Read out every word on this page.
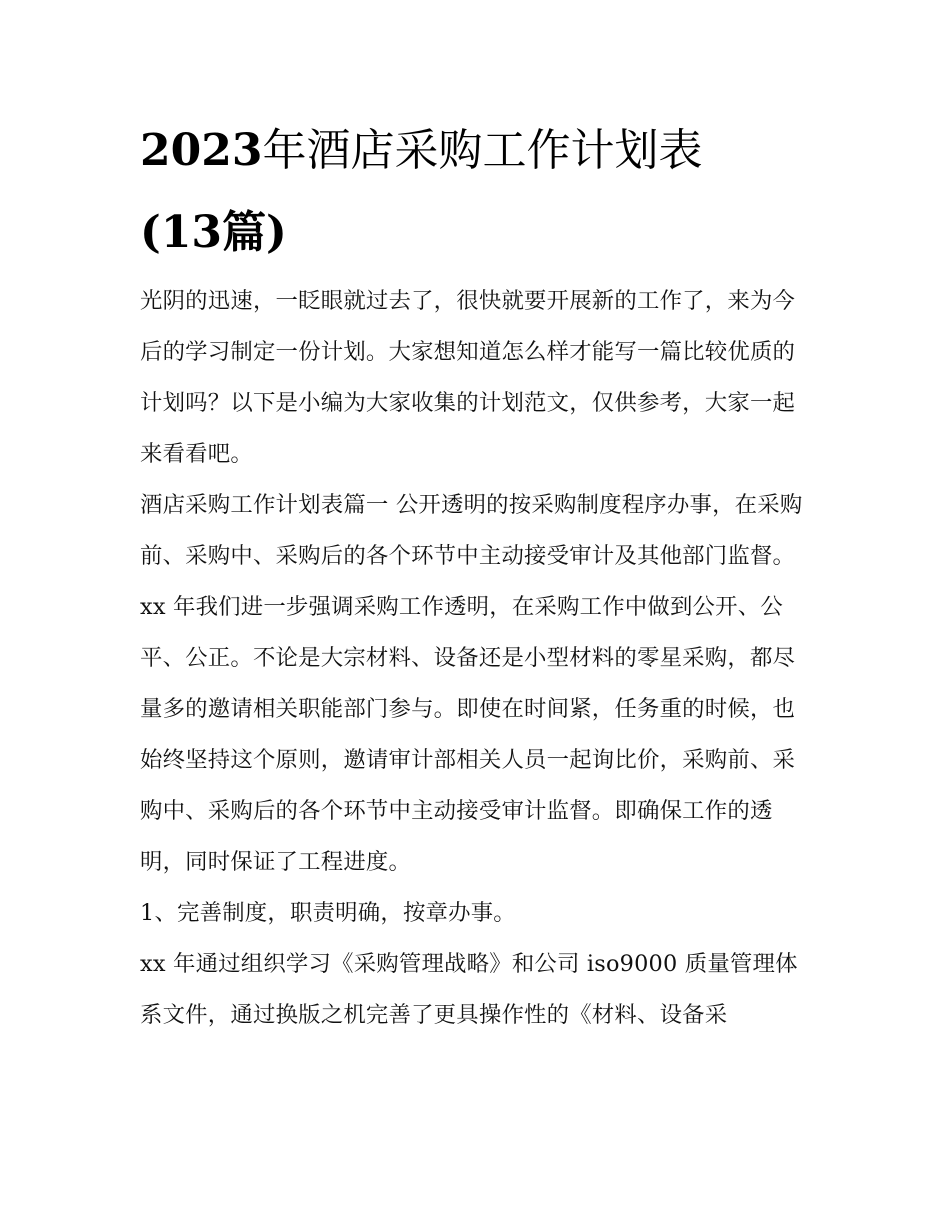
2023年酒店采购工作计划表
(13篇)

光阴的迅速，一眨眼就过去了，很快就要开展新的工作了，来为今后的学习制定一份计划。大家想知道怎么样才能写一篇比较优质的计划吗？以下是小编为大家收集的计划范文，仅供参考，大家一起来看看吧。

酒店采购工作计划表篇一 公开透明的按采购制度程序办事，在采购前、采购中、采购后的各个环节中主动接受审计及其他部门监督。

xx 年我们进一步强调采购工作透明，在采购工作中做到公开、公平、公正。不论是大宗材料、设备还是小型材料的零星采购，都尽量多的邀请相关职能部门参与。即使在时间紧，任务重的时候，也始终坚持这个原则，邀请审计部相关人员一起询比价，采购前、采购中、采购后的各个环节中主动接受审计监督。即确保工作的透明，同时保证了工程进度。

1、完善制度，职责明确，按章办事。

xx 年通过组织学习《采购管理战略》和公司 iso9000 质量管理体系文件，通过换版之机完善了更具操作性的《材料、设备采
